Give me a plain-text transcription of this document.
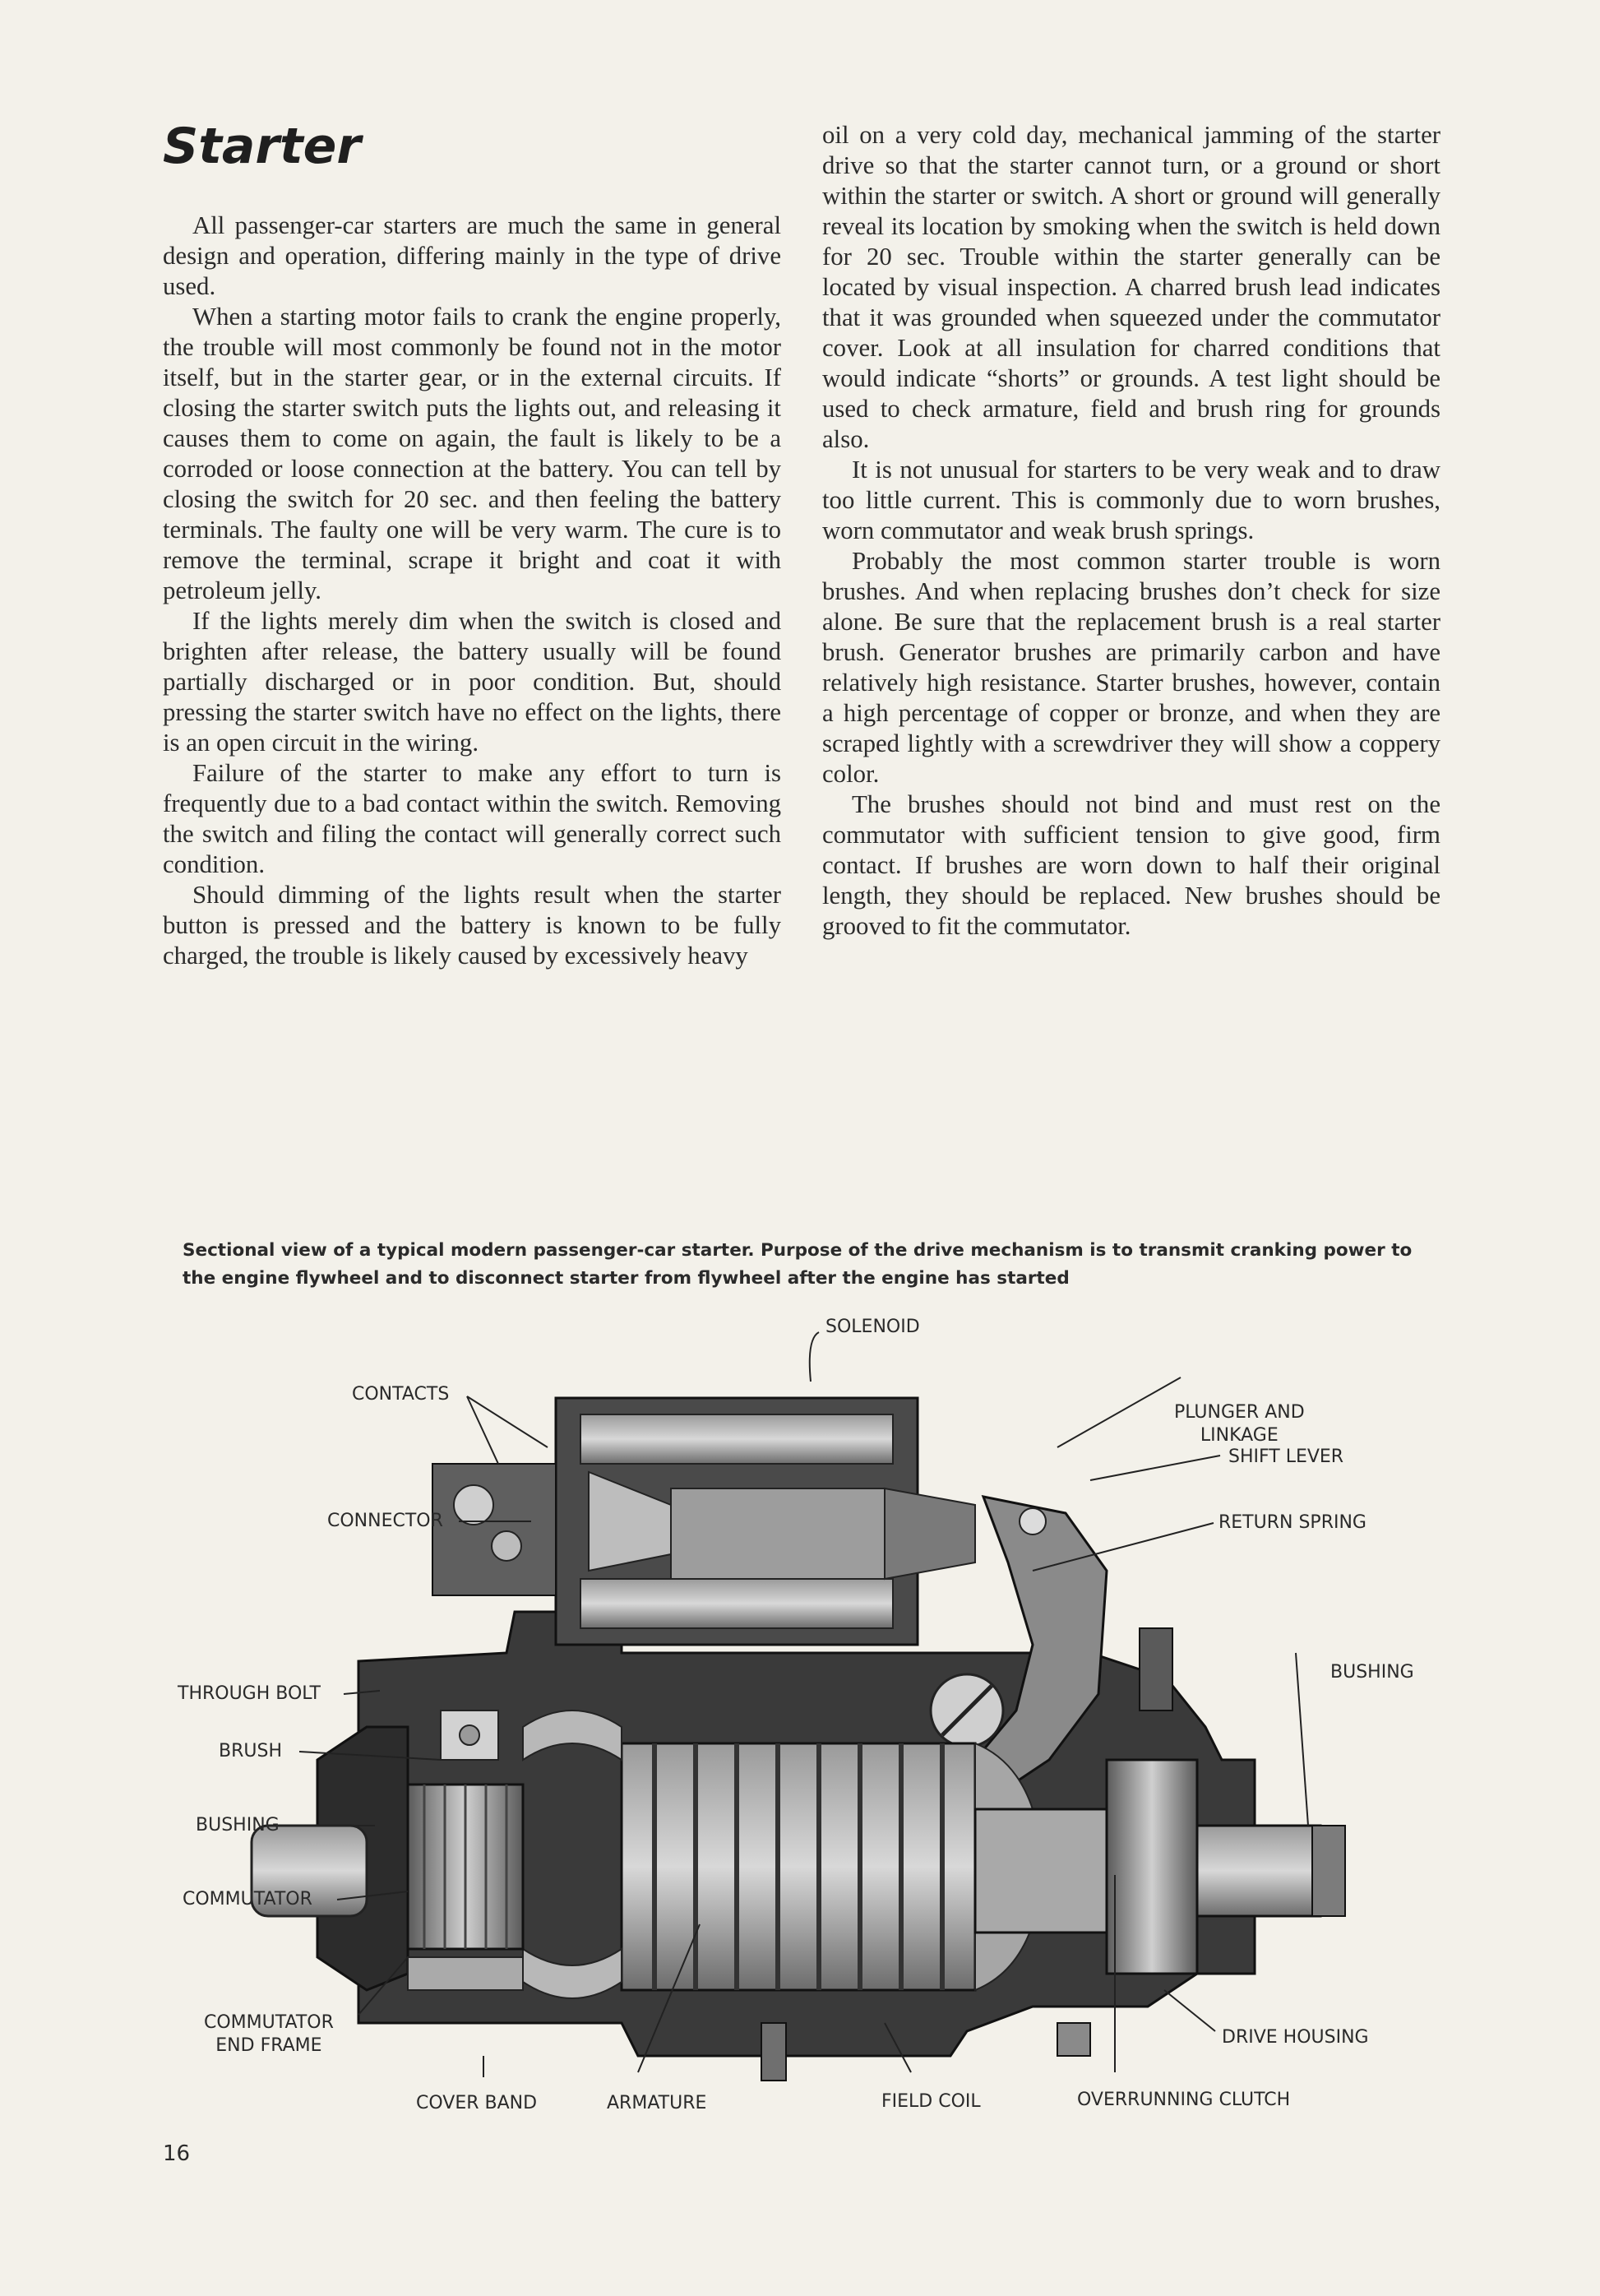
Starter

All passenger-car starters are much the same in general design and operation, differing mainly in the type of drive used.

When a starting motor fails to crank the engine properly, the trouble will most commonly be found not in the motor itself, but in the starter gear, or in the external circuits. If closing the starter switch puts the lights out, and releasing it causes them to come on again, the fault is likely to be a corroded or loose connection at the battery. You can tell by closing the switch for 20 sec. and then feeling the battery terminals. The faulty one will be very warm. The cure is to remove the terminal, scrape it bright and coat it with petroleum jelly.

If the lights merely dim when the switch is closed and brighten after release, the battery usually will be found partially discharged or in poor condition. But, should pressing the starter switch have no effect on the lights, there is an open circuit in the wiring.

Failure of the starter to make any effort to turn is frequently due to a bad contact within the switch. Removing the switch and filing the contact will generally correct such condition.

Should dimming of the lights result when the starter button is pressed and the battery is known to be fully charged, the trouble is likely caused by excessively heavy

oil on a very cold day, mechanical jamming of the starter drive so that the starter cannot turn, or a ground or short within the starter or switch. A short or ground will generally reveal its location by smoking when the switch is held down for 20 sec. Trouble within the starter generally can be located by visual inspection. A charred brush lead indicates that it was grounded when squeezed under the commutator cover. Look at all insulation for charred conditions that would indicate “shorts” or grounds. A test light should be used to check armature, field and brush ring for grounds also.

It is not unusual for starters to be very weak and to draw too little current. This is commonly due to worn brushes, worn commutator and weak brush springs.

Probably the most common starter trouble is worn brushes. And when replacing brushes don’t check for size alone. Be sure that the replacement brush is a real starter brush. Generator brushes are primarily carbon and have relatively high resistance. Starter brushes, however, contain a high percentage of copper or bronze, and when they are scraped lightly with a screwdriver they will show a coppery color.

The brushes should not bind and must rest on the commutator with sufficient tension to give good, firm contact. If brushes are worn down to half their original length, they should be replaced. New brushes should be grooved to fit the commutator.

Sectional view of a typical modern passenger-car starter. Purpose of the drive mechanism is to transmit cranking power to the engine flywheel and to disconnect starter from flywheel after the engine has started

SOLENOID
CONTACTS
PLUNGER AND
LINKAGE
SHIFT LEVER
CONNECTOR	RETURN SPRING
BUSHING
THROUGH BOLT
BRUSH
BUSHING
COMMUTATOR
COMMUTATOR
END FRAME	DRIVE HOUSING
COVER BAND	ARMATURE	FIELD COIL	OVERRUNNING CLUTCH
16
